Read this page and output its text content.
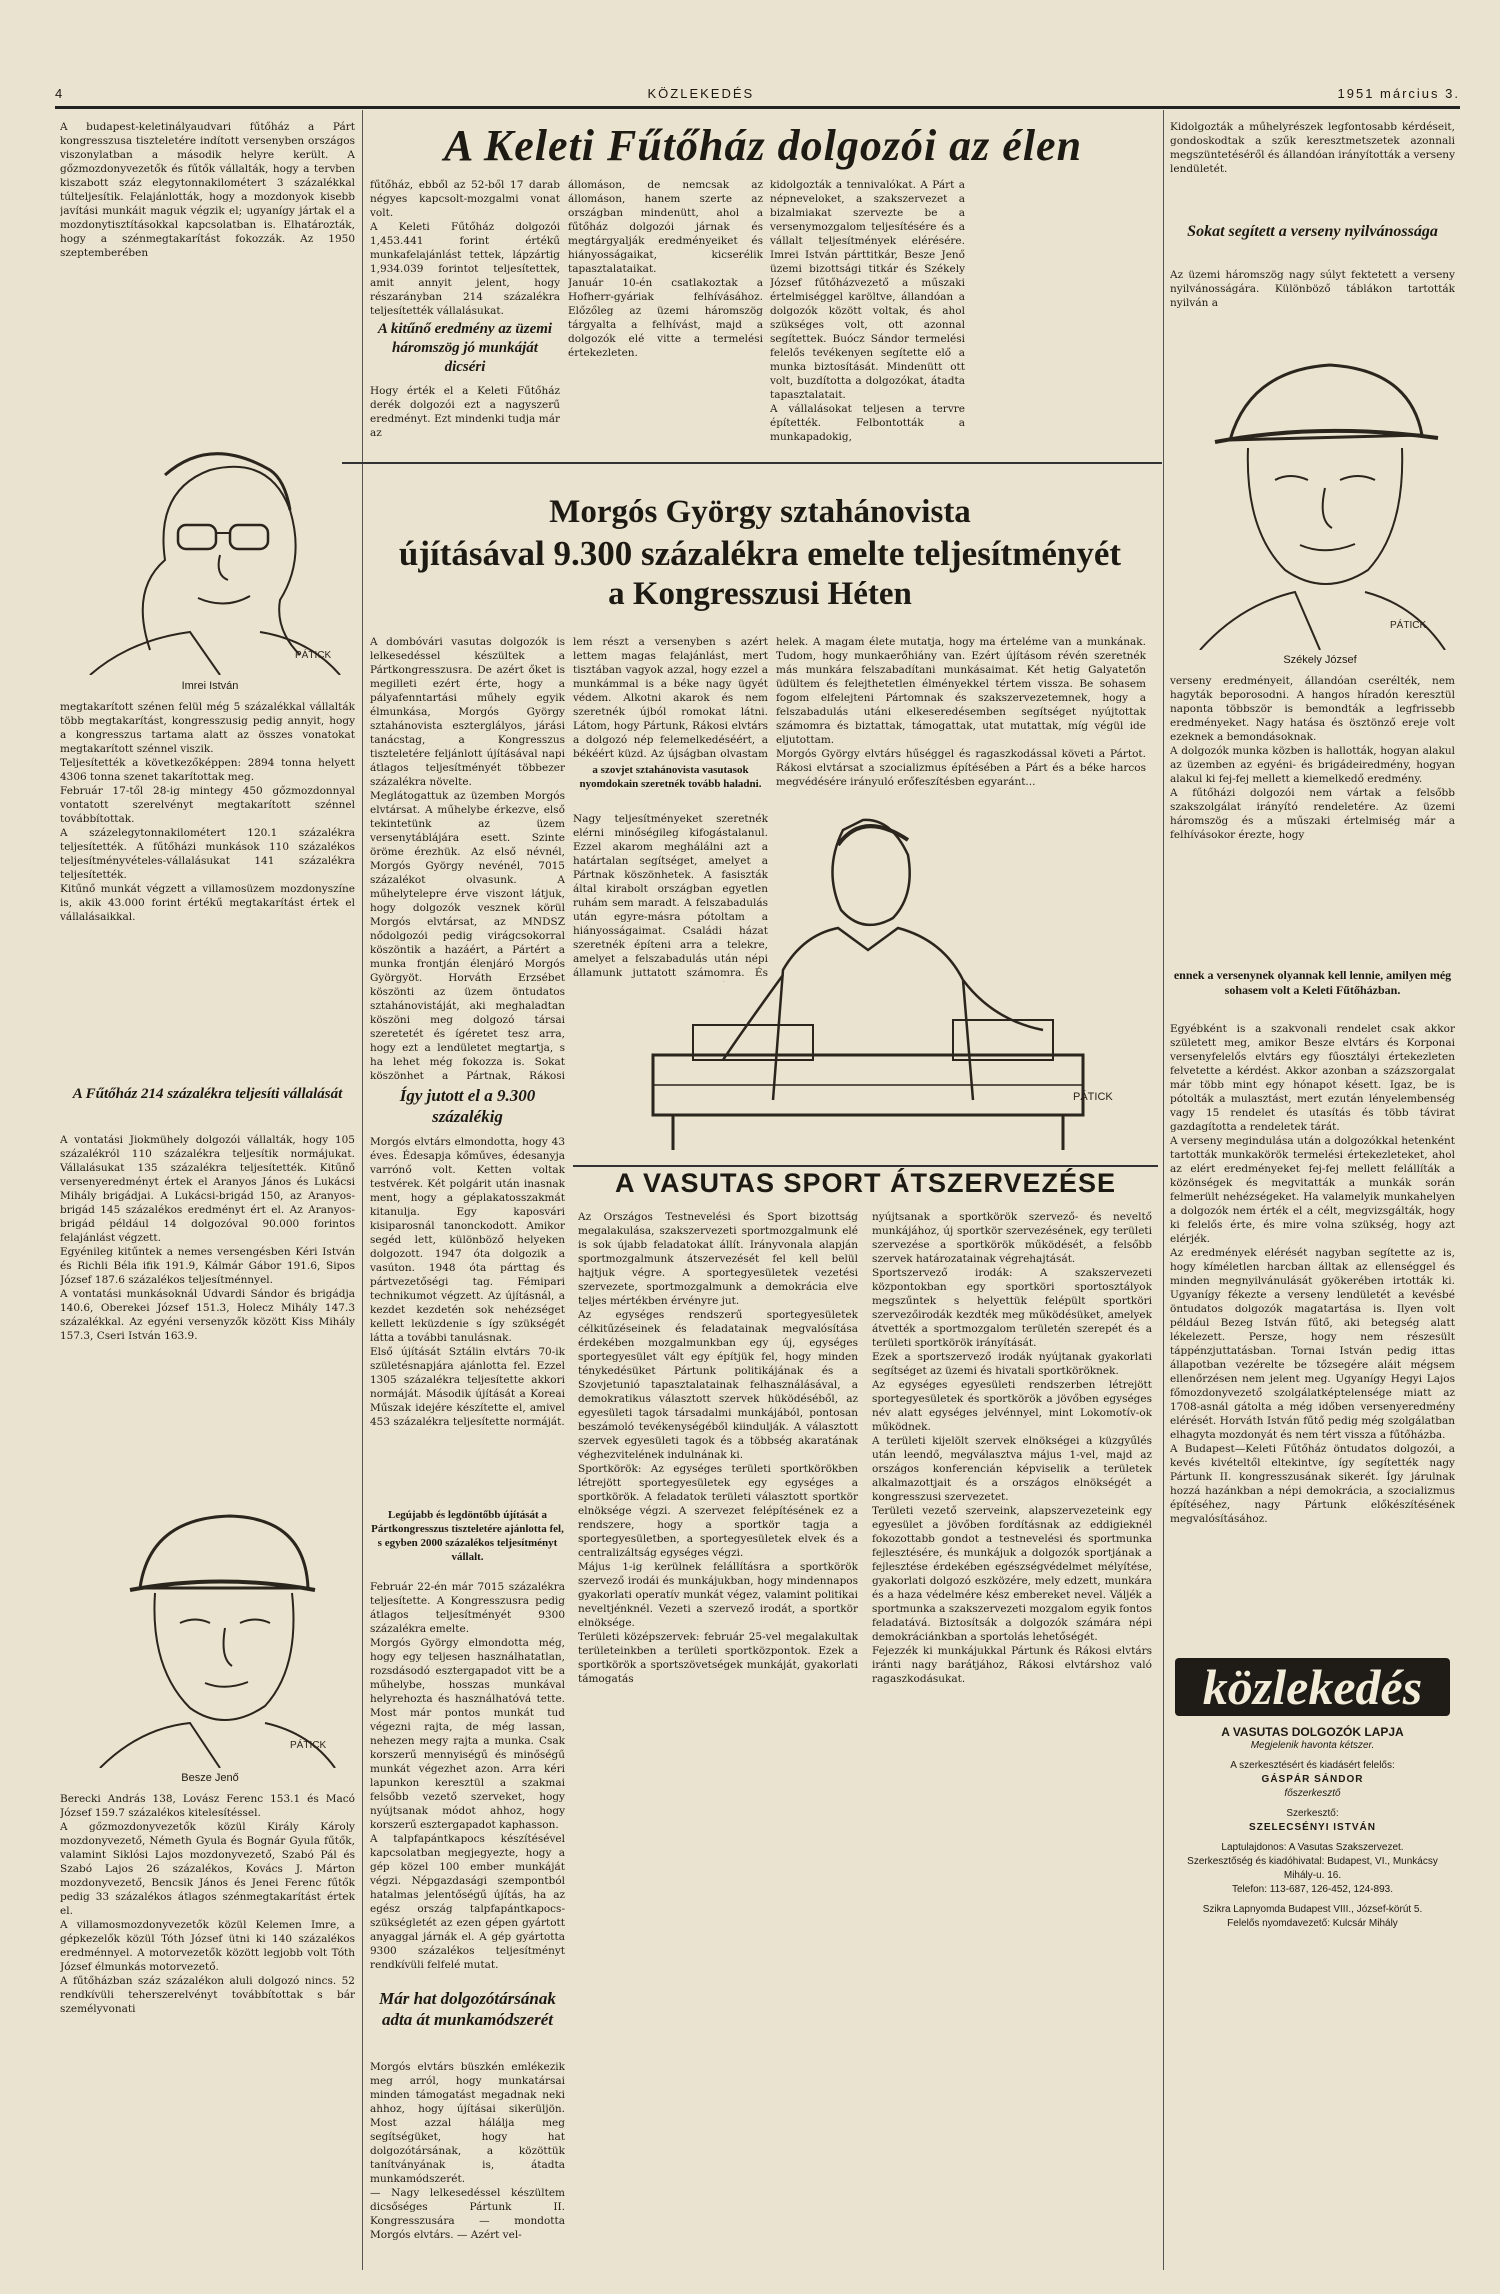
4	KÖZLEKEDÉS	1951 március 3.
A budapest-keletinályaudvari fűtőház a Párt kongresszusa tiszteletére indított versenyben országos viszonylatban a második helyre került. A gőzmozdonyvezetők és fűtők vállalták, hogy a tervben kiszabott száz elegytonnakilométert 3 százalékkal túlteljesítik. Felajánlották, hogy a mozdonyok kisebb javítási munkáit maguk végzik el; ugyanígy jártak el a mozdonytisztításokkal kapcsolatban is. Elhatározták, hogy a szénmegtakarítást fokozzák. Az 1950 szeptemberében
PÁTICK
Imrei István
megtakarított szénen felül még 5 százalékkal vállalták több megtakarítást, kongresszusig pedig annyit, hogy a kongresszus tartama alatt az összes vonatokat megtakarított szénnel viszik.
Teljesítették a következőképpen: 2894 tonna helyett 4306 tonna szenet takarítottak meg.
Február 17-től 28-ig mintegy 450 gőzmozdonnyal vontatott szerelvényt megtakarított szénnel továbbítottak.
A százelegytonnakilométert 120.1 százalékra teljesítették. A fűtőházi munkások 110 százalékos teljesítményvételes-vállalásukat 141 százalékra teljesítették.
Kitűnő munkát végzett a villamosüzem mozdonyszíne is, akik 43.000 forint értékű megtakarítást értek el vállalásaikkal.
A Fűtőház 214 százalékra teljesíti vállalását
A vontatási Jiokmühely dolgozói vállalták, hogy 105 százalékról 110 százalékra teljesítik normájukat. Vállalásukat 135 százalékra teljesítették. Kitűnő versenyeredményt értek el Aranyos János és Lukácsi Mihály brigádjai. A Lukácsi-brigád 150, az Aranyos-brigád 145 százalékos eredményt ért el. Az Aranyos-brigád például 14 dolgozóval 90.000 forintos felajánlást végzett.
Egyénileg kitűntek a nemes versengésben Kéri István és Richli Béla ifik 191.9, Kálmár Gábor 191.6, Sipos József 187.6 százalékos teljesítménnyel.
A vontatási munkásoknál Udvardi Sándor és brigádja 140.6, Oberekei József 151.3, Holecz Mihály 147.3 százalékkal. Az egyéni versenyzők között Kiss Mihály 157.3, Cseri István 163.9.
PÁTICK
Besze Jenő
Berecki András 138, Lovász Ferenc 153.1 és Macó József 159.7 százalékos kitelesítéssel.
A gőzmozdonyvezetők közül Király Károly mozdonyvezető, Németh Gyula és Bognár Gyula fűtők, valamint Siklósi Lajos mozdonyvezető, Szabó Pál és Szabó Lajos 26 százalékos, Kovács J. Márton mozdonyvezető, Bencsik János és Jenei Ferenc fűtők pedig 33 százalékos átlagos szénmegtakarítást értek el.
A villamosmozdonyvezetők közül Kelemen Imre, a gépkezelők közül Tóth József ütni ki 140 százalékos eredménnyel. A motorvezetők között legjobb volt Tóth József élmunkás motorvezető.
A fűtőházban száz százalékon aluli dolgozó nincs. 52 rendkívüli teherszerelvényt továbbítottak s bár személyvonati
A Keleti Fűtőház dolgozói az élen
fűtőház, ebből az 52-ből 17 darab négyes kapcsolt-mozgalmi vonat volt.
A Keleti Fűtőház dolgozói 1,453.441 forint értékű munkafelajánlást tettek, lápzártig 1,934.039 forintot teljesítettek, amit annyit jelent, hogy részarányban 214 százalékra teljesítették vállalásukat.
A kitűnő eredmény az üzemi háromszög jó munkáját dicséri
Hogy érték el a Keleti Fűtőház derék dolgozói ezt a nagyszerű eredményt. Ezt mindenki tudja már az
állomáson, de nemcsak az állomáson, hanem szerte az országban mindenütt, ahol a fűtőház dolgozói járnak és megtárgyalják eredményeiket és hiányosságaikat, kicserélik tapasztalataikat.
Január 10-én csatlakoztak a Hofherr-gyáriak felhívásához. Előzőleg az üzemi háromszög tárgyalta a felhívást, majd a dolgozók elé vitte a termelési értekezleten.
kidolgozták a tennivalókat. A Párt a népneveloket, a szakszervezet a bizalmiakat szervezte be a versenymozgalom teljesítésére és a vállalt teljesítmények elérésére. Imrei István párttitkár, Besze Jenő üzemi bizottsági titkár és Székely József fűtőházvezető a műszaki értelmiséggel karöltve, állandóan a dolgozók között voltak, és ahol szükséges volt, ott azonnal segítettek. Buócz Sándor termelési felelős tevékenyen segítette elő a munka biztosítását. Mindenütt ott volt, buzdította a dolgozókat, átadta tapasztalatait.
A vállalásokat teljesen a tervre építették. Felbontották a munkapadokig,
Kidolgozták a műhelyrészek legfontosabb kérdéseit, gondoskodtak a szűk keresztmetszetek azonnali megszüntetéséről és állandóan irányították a verseny lendületét.
Sokat segített a verseny nyilvánossága
Az üzemi háromszög nagy súlyt fektetett a verseny nyilvánosságára. Különböző táblákon tartották nyilván a
PÁTICK
Székely József
verseny eredményeit, állandóan cserélték, nem hagyták beporosodni. A hangos híradón keresztül naponta többször is bemondták a legfrissebb eredményeket. Nagy hatása és ösztönző ereje volt ezeknek a bemondásoknak.
A dolgozók munka közben is hallották, hogyan alakul az üzemben az egyéni- és brigádeiredmény, hogyan alakul ki fej-fej mellett a kiemelkedő eredmény.
A fűtőházi dolgozói nem vártak a felsőbb szakszolgálat irányító rendeletére. Az üzemi háromszög és a műszaki értelmiség már a felhívásokor érezte, hogy
ennek a versenynek olyannak kell lennie, amilyen még sohasem volt a Keleti Fűtőházban.
Egyébként is a szakvonali rendelet csak akkor született meg, amikor Besze elvtárs és Korponai versenyfelelős elvtárs egy fűosztályi értekezleten felvetette a kérdést. Akkor azonban a százszorgalat már több mint egy hónapot késett. Igaz, be is pótolták a mulasztást, mert ezután lényelembenség vagy 15 rendelet és utasítás és több távirat gazdagította a rendeletek tárát.
A verseny megindulása után a dolgozókkal hetenként tartották munkakörök termelési értekezleteket, ahol az elért eredményeket fej-fej mellett felállíták a közönségek és megvitatták a munkák során felmerült nehézségeket. Ha valamelyik munkahelyen a dolgozók nem érték el a célt, megvizsgálták, hogy ki felelős érte, és mire volna szükség, hogy azt elérjék.
Az eredmények elérését nagyban segítette az is, hogy kíméletlen harcban álltak az ellenséggel és minden megnyilvánulását gyökerében irtották ki. Ugyanígy fékezte a verseny lendületét a kevésbé öntudatos dolgozók magatartása is. Ilyen volt például Bezeg István fűtő, aki betegség alatt lékelezett. Persze, hogy nem részesült táppénzjuttatásban. Tornai István pedig ittas állapotban vezérelte be tőzsegére aláit mégsem ellenőrzésen nem jelent meg. Ugyanígy Hegyi Lajos főmozdonyvezető szolgálatképtelensége miatt az 1708-asnál gátolta a még időben versenyeredmény elérését. Horváth István fűtő pedig még szolgálatban elhagyta mozdonyát és nem tért vissza a fűtőházba.
A Budapest—Keleti Fűtőház öntudatos dolgozói, a kevés kivételtől eltekintve, így segítették nagy Pártunk II. kongresszusának sikerét. Így járulnak hozzá hazánkban a népi demokrácia, a szocializmus építéséhez, nagy Pártunk előkészítésének megvalósításához.
közlekedés
A VASUTAS DOLGOZÓK LAPJA
Megjelenik havonta kétszer.
A szerkesztésért és kiadásért felelős:
GÁSPÁR SÁNDOR
főszerkesztő
Szerkesztő:
SZELECSÉNYI ISTVÁN
Laptulajdonos: A Vasutas Szakszervezet.
Szerkesztőség és kiadóhivatal: Budapest, VI., Munkácsy Mihály-u. 16.
Telefon: 113-687, 126-452, 124-893.
Szikra Lapnyomda Budapest VIII., József-körút 5.
Felelős nyomdavezető: Kulcsár Mihály
Morgós György sztahánovista
újításával 9.300 százalékra emelte teljesítményét
a Kongresszusi Héten
A dombóvári vasutas dolgozók is lelkesedéssel készültek a Pártkongresszusra. De azért őket is megilleti ezért érte, hogy a pályafenntartási műhely egyik élmunkása, Morgós György sztahánovista eszterglályos, járási tanácstag, a Kongresszus tiszteletére feljánlott újításával napi átlagos teljesítményét többezer százalékra növelte.
Meglátogattuk az üzemben Morgós elvtársat. A műhelybe érkezve, első tekintetünk az üzem versenytáblájára esett. Szinte öröme érezhük. Az első névnél, Morgós György nevénél, 7015 százalékot olvasunk. A műhelytelepre érve viszont látjuk, hogy dolgozók vesznek körül Morgós elvtársat, az MNDSZ nődolgozói pedig virágcsokorral köszöntik a hazáért, a Pártért a munka frontján élenjáró Morgós Györgyöt. Horváth Erzsébet köszönti az üzem öntudatos sztahánovistáját, aki meghaladtan köszöni meg dolgozó társai szeretetét és ígéretet tesz arra, hogy ezt a lendületet megtartja, s ha lehet még fokozza is. Sokat köszönhet a Pártnak, Rákosi
Így jutott el a 9.300 százalékig
Morgós elvtárs elmondotta, hogy 43 éves. Édesapja kőműves, édesanyja varrónő volt. Ketten voltak testvérek. Két polgárit után inasnak ment, hogy a géplakatosszakmát kitanulja. Egy kaposvári kisiparosnál tanonckodott. Amikor segéd lett, különböző helyeken dolgozott. 1947 óta dolgozik a vasúton. 1948 óta párttag és pártvezetőségi tag. Fémipari technikumot végzett. Az újításnál, a kezdet kezdetén sok nehézséget kellett leküzdenie s így szükségét látta a további tanulásnak.
Első újítását Sztálin elvtárs 70-ik születésnapjára ajánlotta fel. Ezzel 1305 százalékra teljesítette akkori normáját. Második újítását a Koreai Műszak idejére készítette el, amivel 453 százalékra teljesítette normáját.
Legújabb és legdöntőbb újítását a Pártkongresszus tiszteletére ajánlotta fel, s egyben 2000 százalékos teljesítményt vállalt.
Február 22-én már 7015 százalékra teljesítette. A Kongresszusra pedig átlagos teljesítményét 9300 százalékra emelte.
Morgós György elmondotta még, hogy egy teljesen használhatatlan, rozsdásodó esztergapadot vitt be a műhelybe, hosszas munkával helyrehozta és használhatóvá tette. Most már pontos munkát tud végezni rajta, de még lassan, nehezen megy rajta a munka. Csak korszerű mennyiségű és minőségű munkát végezhet azon. Arra kéri lapunkon keresztül a szakmai felsőbb vezető szerveket, hogy nyújtsanak módot ahhoz, hogy korszerű esztergapadot kaphasson.
A talpfapántkapocs készítésével kapcsolatban megjegyezte, hogy a gép közel 100 ember munkáját végzi. Népgazdasági szempontból hatalmas jelentőségű újítás, ha az egész ország talpfapántkapocs-szükségletét az ezen gépen gyártott anyaggal járnák el. A gép gyártotta 9300 százalékos teljesítményt rendkívüli felfelé mutat.
Már hat dolgozótársának adta át munkamódszerét
Morgós elvtárs büszkén emlékezik meg arról, hogy munkatársai minden támogatást megadnak neki ahhoz, hogy újításai sikerüljön. Most azzal hálálja meg segítségüket, hogy hat dolgozótársának, a közöttük tanítványának is, átadta munkamódszerét.
— Nagy lelkesedéssel készültem dicsőséges Pártunk II. Kongresszusára — mondotta Morgós elvtárs. — Azért vel-
lem részt a versenyben s azért lettem magas felajánlást, mert tisztában vagyok azzal, hogy ezzel a munkámmal is a béke nagy ügyét védem. Alkotni akarok és nem szeretnék újból romokat látni. Látom, hogy Pártunk, Rákosi elvtárs a dolgozó nép felemelkedéséért, a békéért küzd. Az újságban olvastam
a szovjet sztahánovista vasutasok nyomdokain szeretnék tovább haladni.
Nagy teljesítményeket szeretnék elérni minőségileg kifogástalanul. Ezzel akarom meghálálni azt a határtalan segítséget, amelyet a Pártnak köszönhetek. A fasiszták által kirabolt országban egyetlen ruhám sem maradt. A felszabadulás után egyre-másra pótoltam a hiányosságaimat. Családi házat szeretnék építeni arra a telekre, amelyet a felszabadulás után népi államunk juttatott számomra. És
helek. A magam élete mutatja, hogy ma érteléme van a munkának. Tudom, hogy munkaerőhiány van. Ezért újításom révén szeretnék más munkára felszabadítani munkásaimat. Két hetig Galyatetőn üdültem és felejthetetlen élményekkel tértem vissza. Be sohasem fogom elfelejteni Pártomnak és szakszervezetemnek, hogy a felszabadulás utáni elkeseredésemben segítséget nyújtottak számomra és biztattak, támogattak, utat mutattak, míg végül ide eljutottam.
Morgós György elvtárs hűséggel és ragaszkodással követi a Pártot. Rákosi elvtársat a szocializmus építésében a Párt és a béke harcos megvédésére irányuló erőfeszítésben egyaránt...
PÁTICK
A VASUTAS SPORT ÁTSZERVEZÉSE
Az Országos Testnevelési és Sport bizottság megalakulása, szakszervezeti sportmozgalmunk elé is sok újabb feladatokat állít. Irányvonala alapján sportmozgalmunk átszervezését fel kell belül hajtjuk végre. A sportegyesületek vezetési szervezete, sportmozgalmunk a demokrácia elve teljes mértékben érvényre jut.
Az egységes rendszerű sportegyesületek célkitűzéseinek és feladatainak megvalósítása érdekében mozgalmunkban egy új, egységes sportegyesület vált egy építjük fel, hogy minden ténykedésüket Pártunk politikájának és a Szovjetunió tapasztalatainak felhasználásával, a demokratikus választott szervek hüködéséből, az egyesületi tagok társadalmi munkájából, pontosan beszámoló tevékenységéből kiindulják. A választott szervek egyesületi tagok és a többség akaratának véghezvitelének indulnának ki.
Sportkörök: Az egységes területi sportkörökben létrejött sportegyesületek egy egységes a sportkörök. A feladatok területi választott sportkör elnöksége végzi. A szervezet felépítésének ez a rendszere, hogy a sportkör tagja a sportegyesületben, a sportegyesületek elvek és a centralizáltság egységes végzi.
Május 1-ig kerülnek felállításra a sportkörök szervező irodái és munkájukban, hogy mindennapos gyakorlati operatív munkát végez, valamint politikai neveltjénknél. Vezeti a szervező irodát, a sportkör elnöksége.
Területi középszervek: február 25-vel megalakultak területeinkben a területi sportközpontok. Ezek a sportkörök a sportszövetségek munkáját, gyakorlati támogatás
nyújtsanak a sportkörök szervező- és neveltő munkájához, új sportkör szervezésének, egy területi szervezése a sportkörök működését, a felsőbb szervek határozatainak végrehajtását.
Sportszervező irodák: A szakszervezeti központokban egy sportköri sportosztályok megszűntek s helyettük felépült sportköri szervezőirodák kezdték meg működésüket, amelyek átvették a sportmozgalom területén szerepét és a területi sportkörök irányítását.
Ezek a sportszervező irodák nyújtanak gyakorlati segítséget az üzemi és hivatali sportköröknek.
Az egységes egyesületi rendszerben létrejött sportegyesületek és sportkörök a jövőben egységes név alatt egységes jelvénnyel, mint Lokomotív-ok működnek.
A területi kijelölt szervek elnökségei a küzgyűlés után leendő, megválasztva május 1-vel, majd az országos konferencián képviselik a területek alkalmazottjait és a országos elnökségét a kongresszusi szervezetet.
Területi vezető szerveink, alapszervezeteink egy egyesület a jövőben fordításnak az eddigieknél fokozottabb gondot a testnevelési és sportmunka fejlesztésére, és munkájuk a dolgozók sportjának a fejlesztése érdekében egészségvédelmet mélyítése, gyakorlati dolgozó eszközére, mely edzett, munkára és a haza védelmére kész embereket nevel. Váljék a sportmunka a szakszervezeti mozgalom egyik fontos feladatává. Biztosítsák a dolgozók számára népi demokráciánkban a sportolás lehetőségét.
Fejezzék ki munkájukkal Pártunk és Rákosi elvtárs iránti nagy barátjához, Rákosi elvtárshoz való ragaszkodásukat.
